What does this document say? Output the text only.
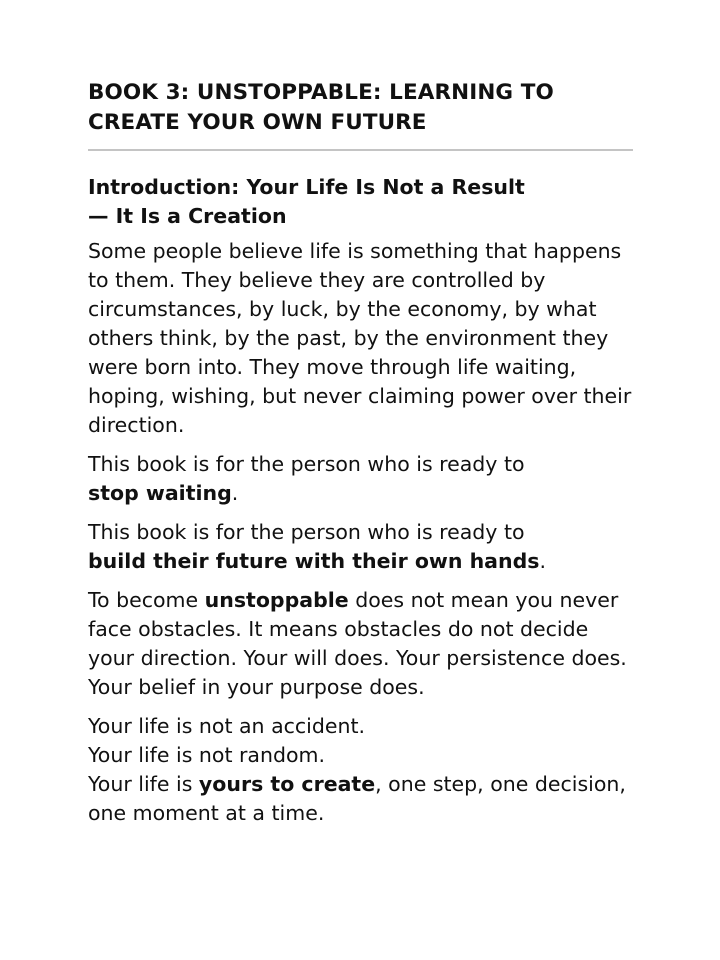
BOOK 3: UNSTOPPABLE: LEARNING TO
CREATE YOUR OWN FUTURE
Introduction: Your Life Is Not a Result
— It Is a Creation

Some people believe life is something that happens to them. They believe they are controlled by circumstances, by luck, by the economy, by what others think, by the past, by the environment they were born into. They move through life waiting, hoping, wishing, but never claiming power over their direction.

This book is for the person who is ready to
stop waiting.

This book is for the person who is ready to
build their future with their own hands.

To become unstoppable does not mean you never face obstacles. It means obstacles do not decide your direction. Your will does. Your persistence does. Your belief in your purpose does.

Your life is not an accident.
Your life is not random.
Your life is yours to create, one step, one decision, one moment at a time.
